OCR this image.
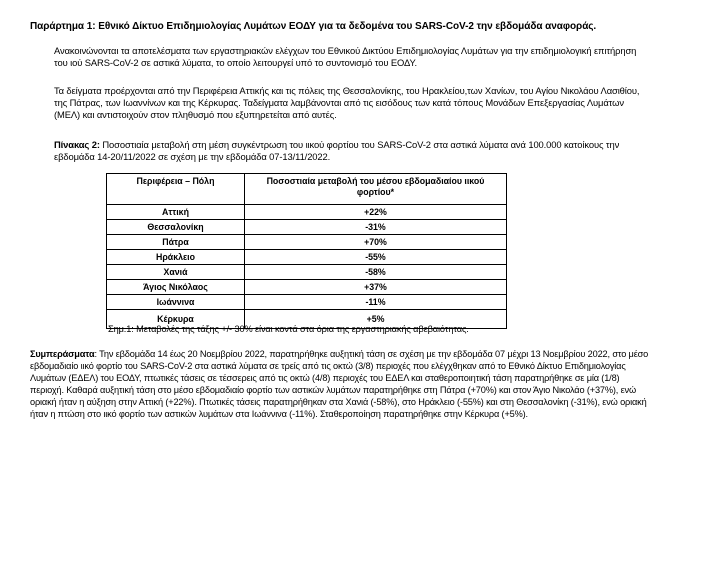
Παράρτημα 1: Εθνικό Δίκτυο Επιδημιολογίας Λυμάτων ΕΟΔΥ για τα δεδομένα του SARS-CoV-2 την εβδομάδα αναφοράς.
Ανακοινώνονται τα αποτελέσματα των εργαστηριακών ελέγχων του Εθνικού Δικτύου Επιδημιολογίας Λυμάτων για την επιδημιολογική επιτήρηση του ιού SARS-CoV-2 σε αστικά λύματα, το οποίο λειτουργεί υπό το συντονισμό του ΕΟΔΥ.
Τα δείγματα προέρχονται από την Περιφέρεια Αττικής και τις πόλεις της Θεσσαλονίκης, του Ηρακλείου,των Χανίων, του Αγίου Νικολάου Λασιθίου, της Πάτρας, των Ιωαννίνων και της Κέρκυρας. Ταδείγματα λαμβάνονται από τις εισόδους των κατά τόπους Μονάδων Επεξεργασίας Λυμάτων (ΜΕΛ) και αντιστοιχούν στον πληθυσμό που εξυπηρετείται από αυτές.
Πίνακας 2: Ποσοστιαία μεταβολή στη μέση συγκέντρωση του ιικού φορτίου του SARS-CoV-2 στα αστικά λύματα ανά 100.000 κατοίκους την εβδομάδα 14-20/11/2022 σε σχέση με την εβδομάδα 07-13/11/2022.
Περιφέρεια – Πόλη	Ποσοστιαία μεταβολή του μέσου εβδομαδιαίου ιικού φορτίου*
Αττική	+22%
Θεσσαλονίκη	-31%
Πάτρα	+70%
Ηράκλειο	-55%
Χανιά	-58%
Άγιος Νικόλαος	+37%
Ιωάννινα	-11%
Κέρκυρα	+5%
Σημ.1: Μεταβολές της τάξης +/- 30% είναι κοντά στα όρια της εργαστηριακής αβεβαιότητας.
Συμπεράσματα: Την εβδομάδα 14 έως 20 Νοεμβρίου 2022, παρατηρήθηκε αυξητική τάση σε σχέση με την εβδομάδα 07 μέχρι 13 Νοεμβρίου 2022, στο μέσο εβδομαδιαίο ιικό φορτίο του SARS-CoV-2 στα αστικά λύματα σε τρείς από τις οκτώ (3/8) περιοχές που ελέγχθηκαν από το Εθνικό Δίκτυο Επιδημιολογίας Λυμάτων (ΕΔΕΛ) του ΕΟΔΥ, πτωτικές τάσεις σε τέσσερεις από τις οκτώ (4/8) περιοχές του ΕΔΕΛ και σταθεροποιητική τάση παρατηρήθηκε σε μία (1/8) περιοχή. Καθαρά αυξητική τάση στο μέσο εβδομαδιαίο φορτίο των αστικών λυμάτων παρατηρήθηκε στη Πάτρα (+70%) και στον Άγιο Νικολάο (+37%), ενώ οριακή ήταν η αύξηση στην Αττική (+22%). Πτωτικές τάσεις παρατηρήθηκαν στα Χανιά (-58%), στο Ηράκλειο (-55%) και στη Θεσσαλονίκη (-31%), ενώ οριακή ήταν η πτώση στο ιικό φορτίο των αστικών λυμάτων στα Ιωάννινα (-11%). Σταθεροποίηση παρατηρήθηκε στην Κέρκυρα (+5%).
